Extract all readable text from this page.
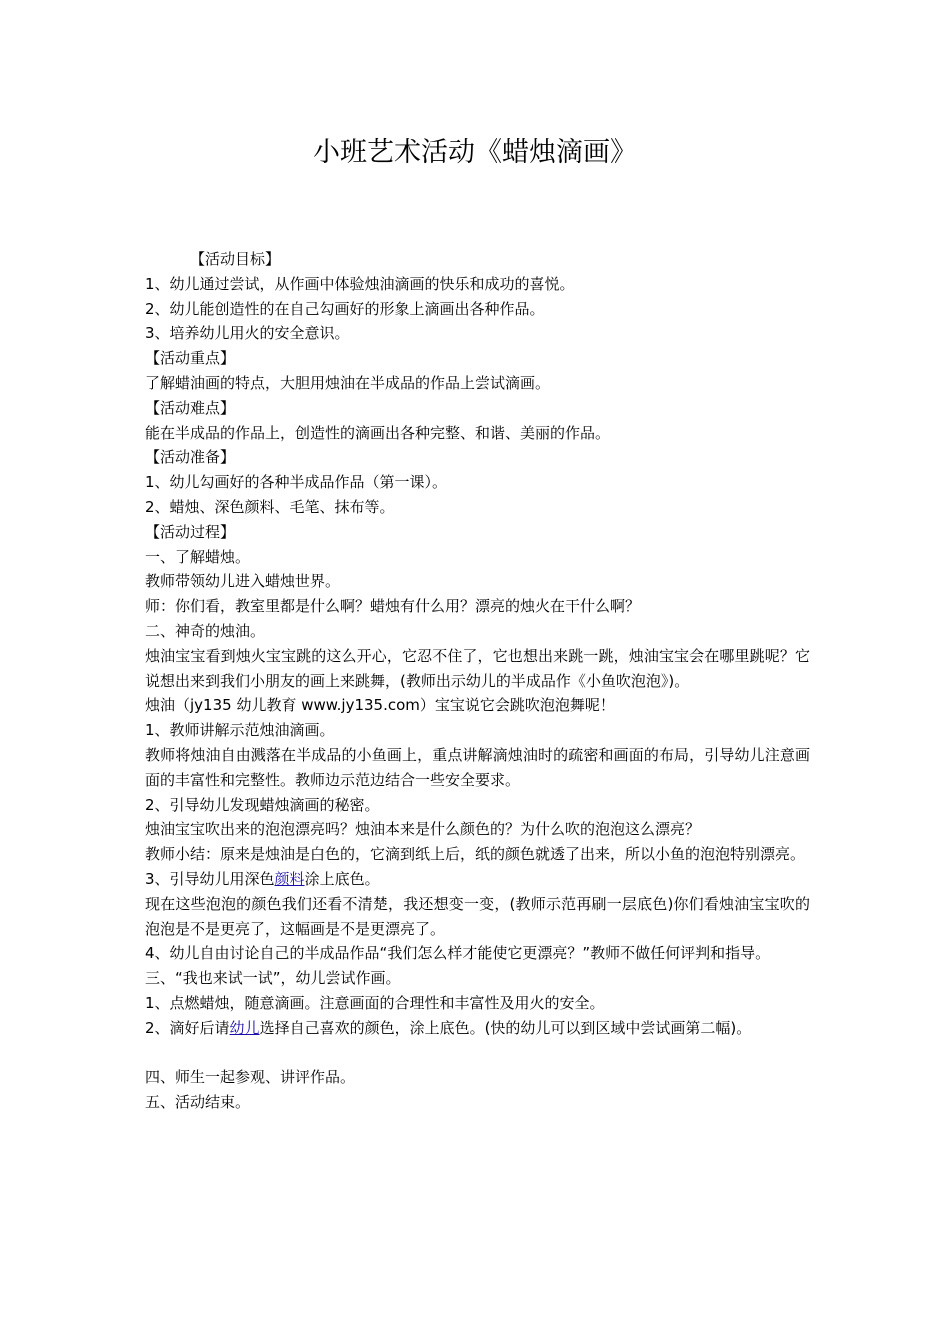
小班艺术活动《蜡烛滴画》
【活动目标】
1、幼儿通过尝试，从作画中体验烛油滴画的快乐和成功的喜悦。
2、幼儿能创造性的在自己勾画好的形象上滴画出各种作品。
3、培养幼儿用火的安全意识。
【活动重点】
了解蜡油画的特点，大胆用烛油在半成品的作品上尝试滴画。
【活动难点】
能在半成品的作品上，创造性的滴画出各种完整、和谐、美丽的作品。
【活动准备】
1、幼儿勾画好的各种半成品作品（第一课）。
2、蜡烛、深色颜料、毛笔、抹布等。
【活动过程】
一、了解蜡烛。
教师带领幼儿进入蜡烛世界。
师：你们看，教室里都是什么啊？蜡烛有什么用？漂亮的烛火在干什么啊？
二、神奇的烛油。
烛油宝宝看到烛火宝宝跳的这么开心，它忍不住了，它也想出来跳一跳，烛油宝宝会在哪里跳呢？它说想出来到我们小朋友的画上来跳舞，(教师出示幼儿的半成品作《小鱼吹泡泡》)。
烛油（jy135 幼儿教育 www.jy135.com）宝宝说它会跳吹泡泡舞呢！
1、教师讲解示范烛油滴画。
教师将烛油自由溅落在半成品的小鱼画上，重点讲解滴烛油时的疏密和画面的布局，引导幼儿注意画面的丰富性和完整性。教师边示范边结合一些安全要求。
2、引导幼儿发现蜡烛滴画的秘密。
烛油宝宝吹出来的泡泡漂亮吗？烛油本来是什么颜色的？为什么吹的泡泡这么漂亮？
教师小结：原来是烛油是白色的，它滴到纸上后，纸的颜色就透了出来，所以小鱼的泡泡特别漂亮。
3、引导幼儿用深色颜料涂上底色。
现在这些泡泡的颜色我们还看不清楚，我还想变一变，(教师示范再刷一层底色)你们看烛油宝宝吹的泡泡是不是更亮了，这幅画是不是更漂亮了。
4、幼儿自由讨论自己的半成品作品“我们怎么样才能使它更漂亮？”教师不做任何评判和指导。
三、“我也来试一试”，幼儿尝试作画。
1、点燃蜡烛，随意滴画。注意画面的合理性和丰富性及用火的安全。
2、滴好后请幼儿选择自己喜欢的颜色，涂上底色。(快的幼儿可以到区域中尝试画第二幅)。
四、师生一起参观、讲评作品。
五、活动结束。
